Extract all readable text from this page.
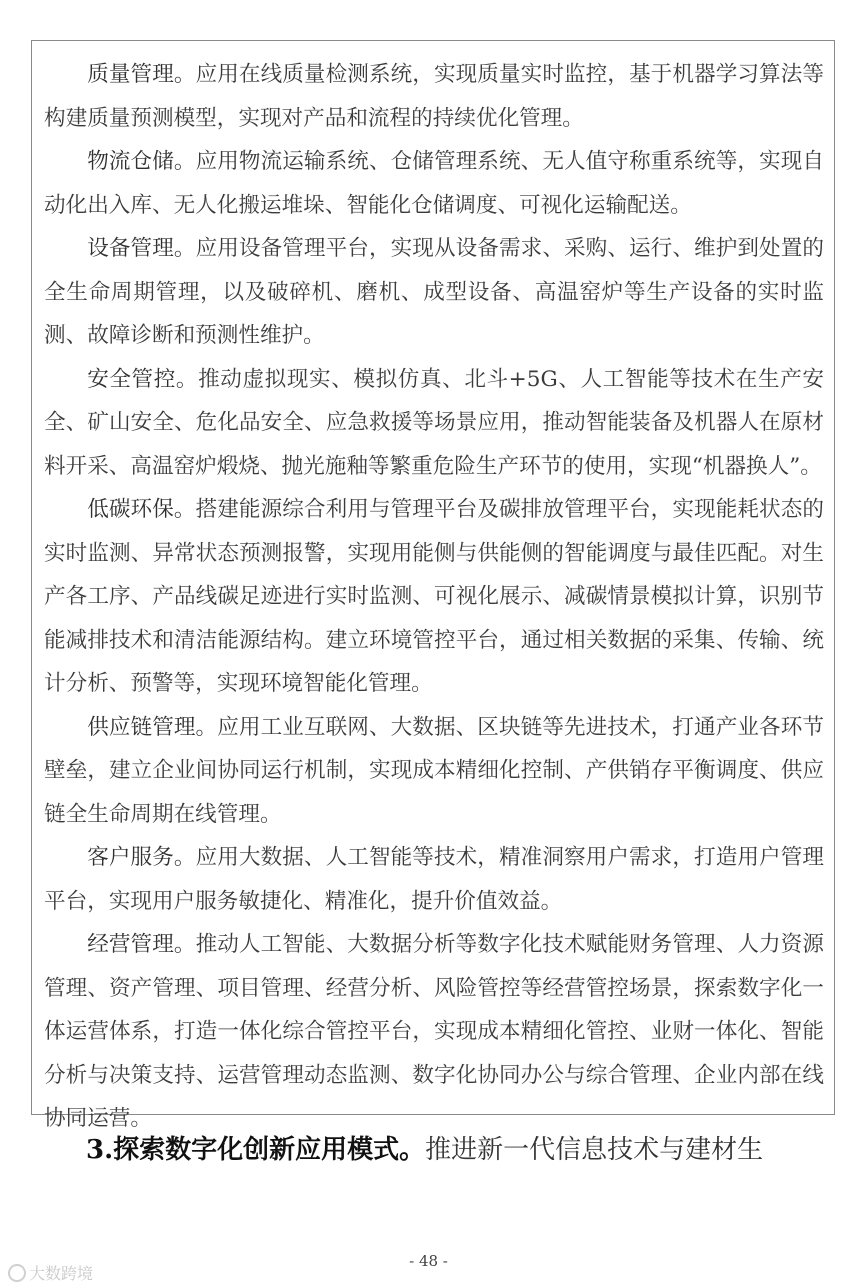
质量管理。应用在线质量检测系统，实现质量实时监控，基于机器学习算法等构建质量预测模型，实现对产品和流程的持续优化管理。

物流仓储。应用物流运输系统、仓储管理系统、无人值守称重系统等，实现自动化出入库、无人化搬运堆垛、智能化仓储调度、可视化运输配送。

设备管理。应用设备管理平台，实现从设备需求、采购、运行、维护到处置的全生命周期管理，以及破碎机、磨机、成型设备、高温窑炉等生产设备的实时监测、故障诊断和预测性维护。

安全管控。推动虚拟现实、模拟仿真、北斗+5G、人工智能等技术在生产安全、矿山安全、危化品安全、应急救援等场景应用，推动智能装备及机器人在原材料开采、高温窑炉煅烧、抛光施釉等繁重危险生产环节的使用，实现“机器换人”。

低碳环保。搭建能源综合利用与管理平台及碳排放管理平台，实现能耗状态的实时监测、异常状态预测报警，实现用能侧与供能侧的智能调度与最佳匹配。对生产各工序、产品线碳足迹进行实时监测、可视化展示、减碳情景模拟计算，识别节能减排技术和清洁能源结构。建立环境管控平台，通过相关数据的采集、传输、统计分析、预警等，实现环境智能化管理。

供应链管理。应用工业互联网、大数据、区块链等先进技术，打通产业各环节壁垒，建立企业间协同运行机制，实现成本精细化控制、产供销存平衡调度、供应链全生命周期在线管理。

客户服务。应用大数据、人工智能等技术，精准洞察用户需求，打造用户管理平台，实现用户服务敏捷化、精准化，提升价值效益。

经营管理。推动人工智能、大数据分析等数字化技术赋能财务管理、人力资源管理、资产管理、项目管理、经营分析、风险管控等经营管控场景，探索数字化一体运营体系，打造一体化综合管控平台，实现成本精细化管控、业财一体化、智能分析与决策支持、运营管理动态监测、数字化协同办公与综合管理、企业内部在线协同运营。

3.探索数字化创新应用模式。推进新一代信息技术与建材生
- 48 -
大数跨境
